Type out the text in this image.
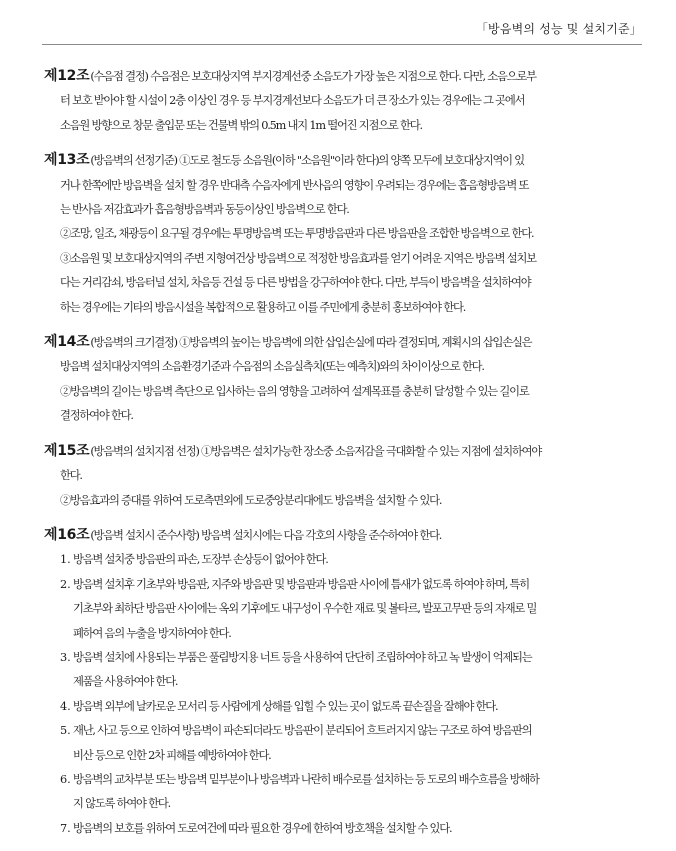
「방음벽의 성능 및 설치기준」
제12조(수음점 결정) 수음점은 보호대상지역 부지경계선중 소음도가 가장 높은 지점으로 한다. 다만, 소음으로부
터 보호 받아야 할 시설이 2층 이상인 경우 등 부지경계선보다 소음도가 더 큰 장소가 있는 경우에는 그 곳에서
소음원 방향으로 창문 출입문 또는 건물벽 밖의 0.5m 내지 1m 떨어진 지점으로 한다.
제13조(방음벽의 선정기준) ①도로 철도등 소음원(이하 "소음원"이라 한다)의 양쪽 모두에 보호대상지역이 있
거나 한쪽에만 방음벽을 설치 할 경우 반대측 수음자에게 반사음의 영향이 우려되는 경우에는 흡음형방음벽 또
는 반사음 저감효과가 흡음형방음벽과 동등이상인 방음벽으로 한다.
②조망, 일조, 채광등이 요구될 경우에는 투명방음벽 또는 투명방음판과 다른 방음판을 조합한 방음벽으로 한다.
③소음원 및 보호대상지역의 주변 지형여건상 방음벽으로 적정한 방음효과를 얻기 어려운 지역은 방음벽 설치보
다는 거리감쇠, 방음터널 설치, 차음등 건설 등 다른 방법을 강구하여야 한다. 다만, 부득이 방음벽을 설치하여야
하는 경우에는 기타의 방음시설을 복합적으로 활용하고 이를 주민에게 충분히 홍보하여야 한다.
제14조(방음벽의 크기결정) ①방음벽의 높이는 방음벽에 의한 삽입손실에 따라 결정되며, 계획시의 삽입손실은
방음벽 설치대상지역의 소음환경기준과 수음점의 소음실측치(또는 예측치)와의 차이이상으로 한다.
②방음벽의 길이는 방음벽 측단으로 입사하는 음의 영향을 고려하여 설계목표를 충분히 달성할 수 있는 길이로
결정하여야 한다.
제15조(방음벽의 설치지점 선정) ①방음벽은 설치가능한 장소중 소음저감을 극대화할 수 있는 지점에 설치하여야
한다.
②방음효과의 증대를 위하여 도로측면외에 도로중앙분리대에도 방음벽을 설치할 수 있다.
제16조(방음벽 설치시 준수사항) 방음벽 설치시에는 다음 각호의 사항을 준수하여야 한다.
1. 방음벽 설치중 방음판의 파손, 도장부 손상등이 없어야 한다.
2. 방음벽 설치후 기초부와 방음판, 지주와 방음판 및 방음판과 방음판 사이에 틈새가 없도록 하여야 하며, 특히
기초부와 최하단 방음판 사이에는 옥외 기후에도 내구성이 우수한 재료 및 볼타르, 발포고무판 등의 자재로 밀
폐하여 음의 누출을 방지하여야 한다.
3. 방음벽 설치에 사용되는 부품은 풀림방지용 너트 등을 사용하여 단단히 조립하여야 하고 녹 발생이 억제되는
제품을 사용하여야 한다.
4. 방음벽 외부에 날카로운 모서리 등 사람에게 상해를 입힐 수 있는 곳이 없도록 끝손질을 잘해야 한다.
5. 재난, 사고 등으로 인하여 방음벽이 파손되더라도 방음판이 분리되어 흐트러지지 않는 구조로 하여 방음판의
비산 등으로 인한 2차 피해를 예방하여야 한다.
6. 방음벽의 교차부분 또는 방음벽 밑부분이나 방음벽과 나란히 배수로를 설치하는 등 도로의 배수흐름을 방해하
지 않도록 하여야 한다.
7. 방음벽의 보호를 위하여 도로여건에 따라 필요한 경우에 한하여 방호책을 설치할 수 있다.
